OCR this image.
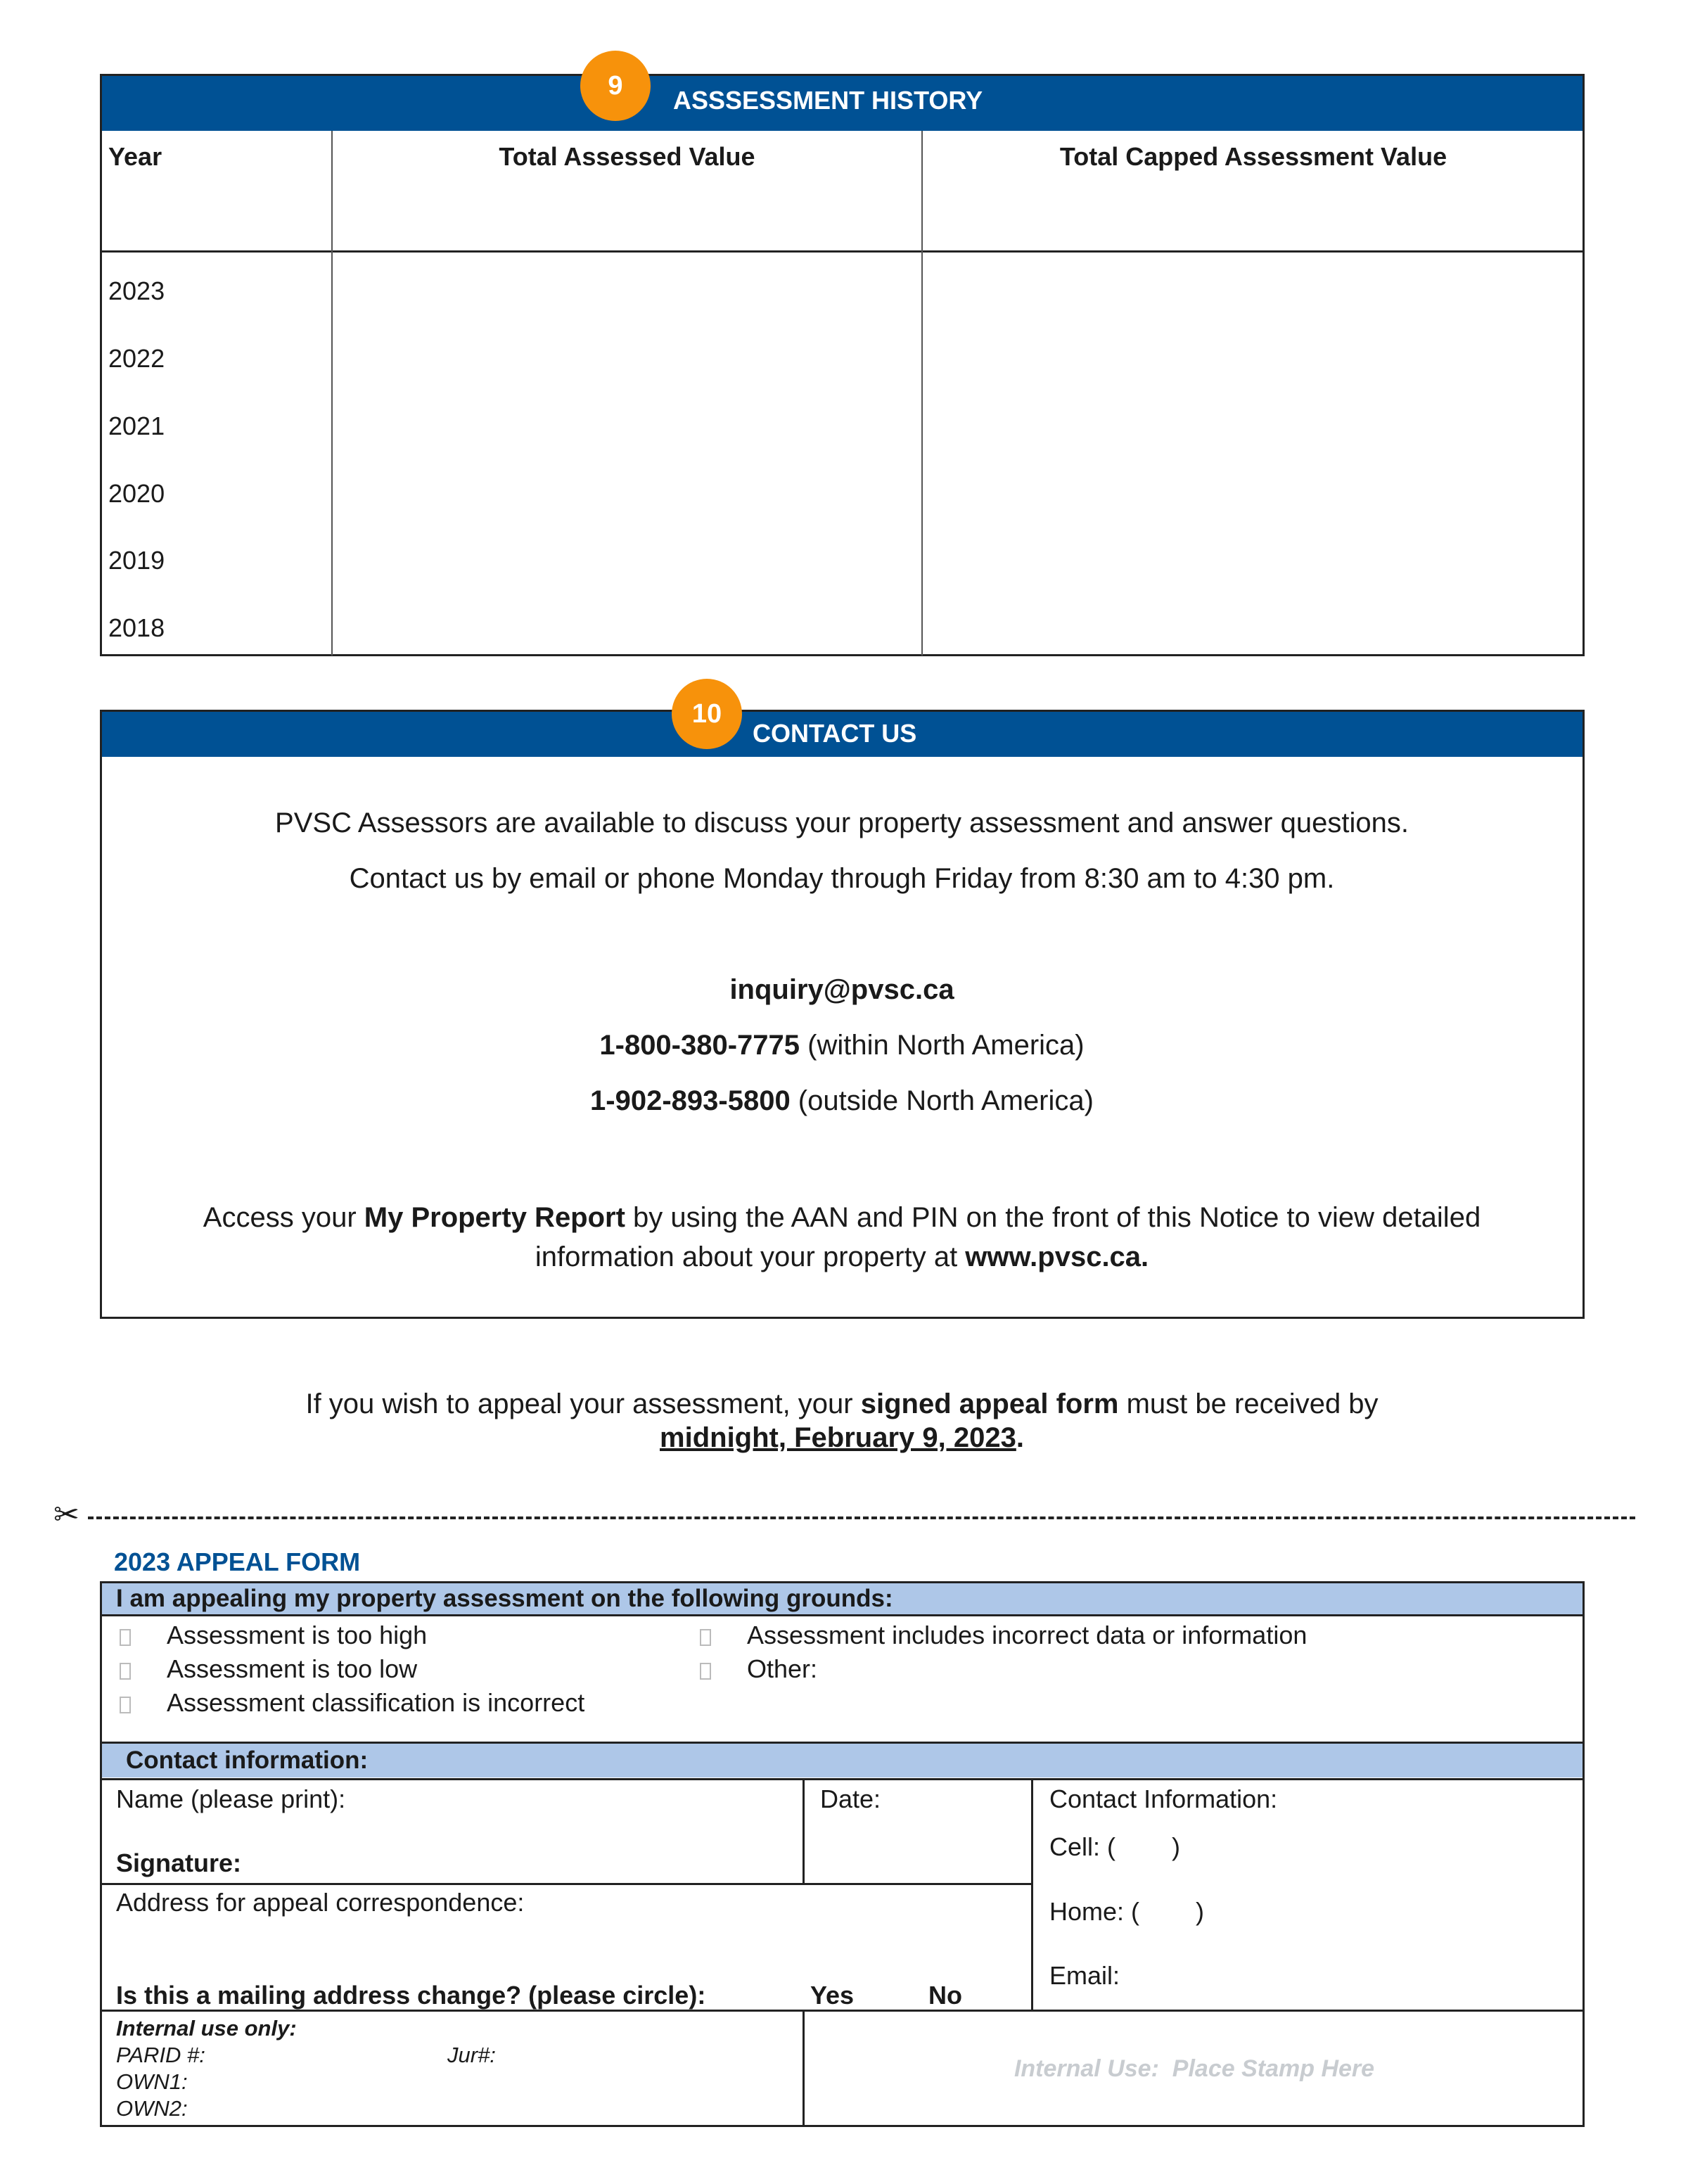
ASSSESSMENT HISTORY
9
Year	Total Assessed Value	Total Capped Assessment Value
2023
2022
2021
2020
2019
2018
CONTACT US
10
PVSC Assessors are available to discuss your property assessment and answer questions.
Contact us by email or phone Monday through Friday from 8:30 am to 4:30 pm.
inquiry@pvsc.ca
1-800-380-7775 (within North America)
1-902-893-5800 (outside North America)
Access your My Property Report by using the AAN and PIN on the front of this Notice to view detailed
information about your property at www.pvsc.ca.
If you wish to appeal your assessment, your signed appeal form must be received by
midnight, February 9, 2023.
✂
2023 APPEAL FORM
I am appealing my property assessment on the following grounds:
Assessment is too high
Assessment is too low
Assessment classification is incorrect
Assessment includes incorrect data or information
Other:
Contact information:
Name (please print):
Signature:
Date:	Contact Information:
Cell: (        )
Home: (        )
Email:
Address for appeal correspondence:
Is this a mailing address change? (please circle):	Yes	No
Internal use only:
PARID #:	Jur#:
OWN1:
OWN2:
Internal Use:  Place Stamp Here
